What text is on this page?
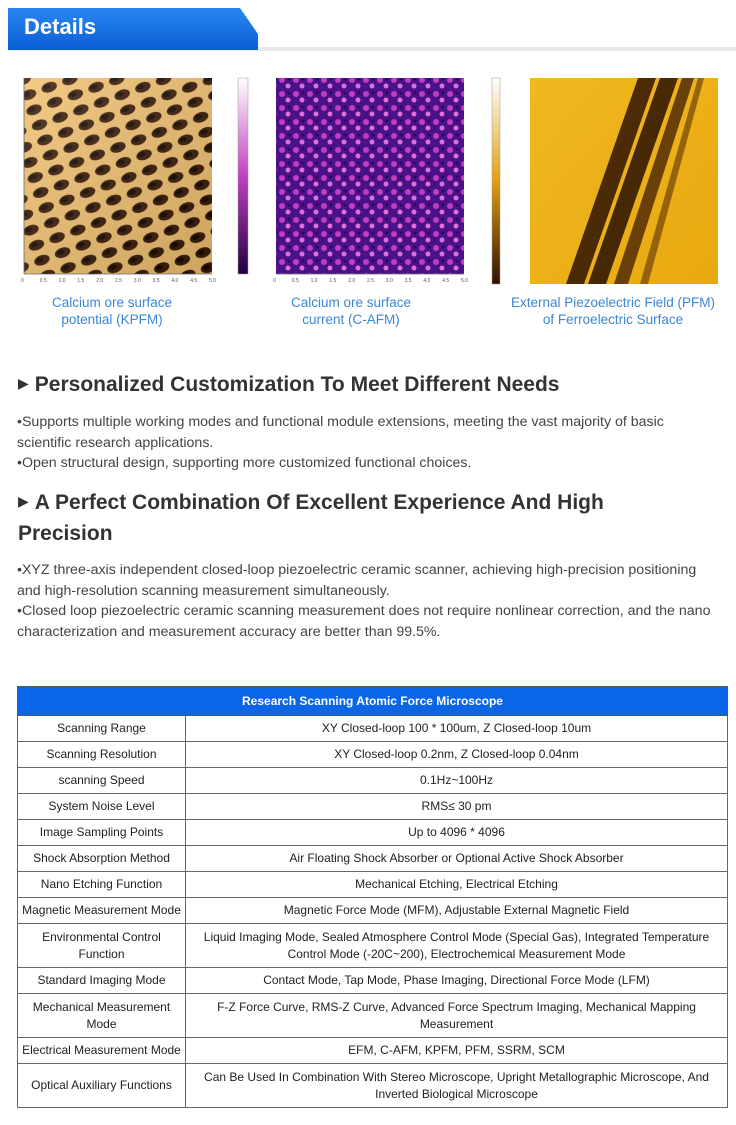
Details
0	0.5 1.0 1.5 2.0 2.5 3.0 3.5 4.0 4.5 5.0	0	0.5 1.0 1.5 2.0 2.5 3.0 3.5 4.0 4.5 5.0
Calcium ore surface
potential (KPFM)
Calcium ore surface
current (C-AFM)
External Piezoelectric Field (PFM)
of Ferroelectric Surface
▶ Personalized Customization To Meet Different Needs

•Supports multiple working modes and functional module extensions, meeting the vast majority of basic scientific research applications.

•Open structural design, supporting more customized functional choices.

▶ A Perfect Combination Of Excellent Experience And High
Precision

•XYZ three-axis independent closed-loop piezoelectric ceramic scanner, achieving high-precision positioning and high-resolution scanning measurement simultaneously.

•Closed loop piezoelectric ceramic scanning measurement does not require nonlinear correction, and the nano characterization and measurement accuracy are better than 99.5%.

Research Scanning Atomic Force Microscope	
Scanning Range	XY Closed-loop 100 * 100um, Z Closed-loop 10um
Scanning Resolution	XY Closed-loop 0.2nm, Z Closed-loop 0.04nm
scanning Speed	0.1Hz~100Hz
System Noise Level	RMS≤ 30 pm
Image Sampling Points	Up to 4096 * 4096
Shock Absorption Method	Air Floating Shock Absorber or Optional Active Shock Absorber
Nano Etching Function	Mechanical Etching, Electrical Etching
Magnetic Measurement Mode	Magnetic Force Mode (MFM), Adjustable External Magnetic Field
Environmental Control Function	Liquid Imaging Mode, Sealed Atmosphere Control Mode (Special Gas), Integrated Temperature Control Mode (-20C~200), Electrochemical Measurement Mode
Standard Imaging Mode	Contact Mode, Tap Mode, Phase Imaging, Directional Force Mode (LFM)
Mechanical Measurement Mode	F-Z Force Curve, RMS-Z Curve, Advanced Force Spectrum Imaging, Mechanical Mapping Measurement
Electrical Measurement Mode	EFM, C-AFM, KPFM, PFM, SSRM, SCM
Optical Auxiliary Functions	Can Be Used In Combination With Stereo Microscope, Upright Metallographic Microscope, And Inverted Biological Microscope
